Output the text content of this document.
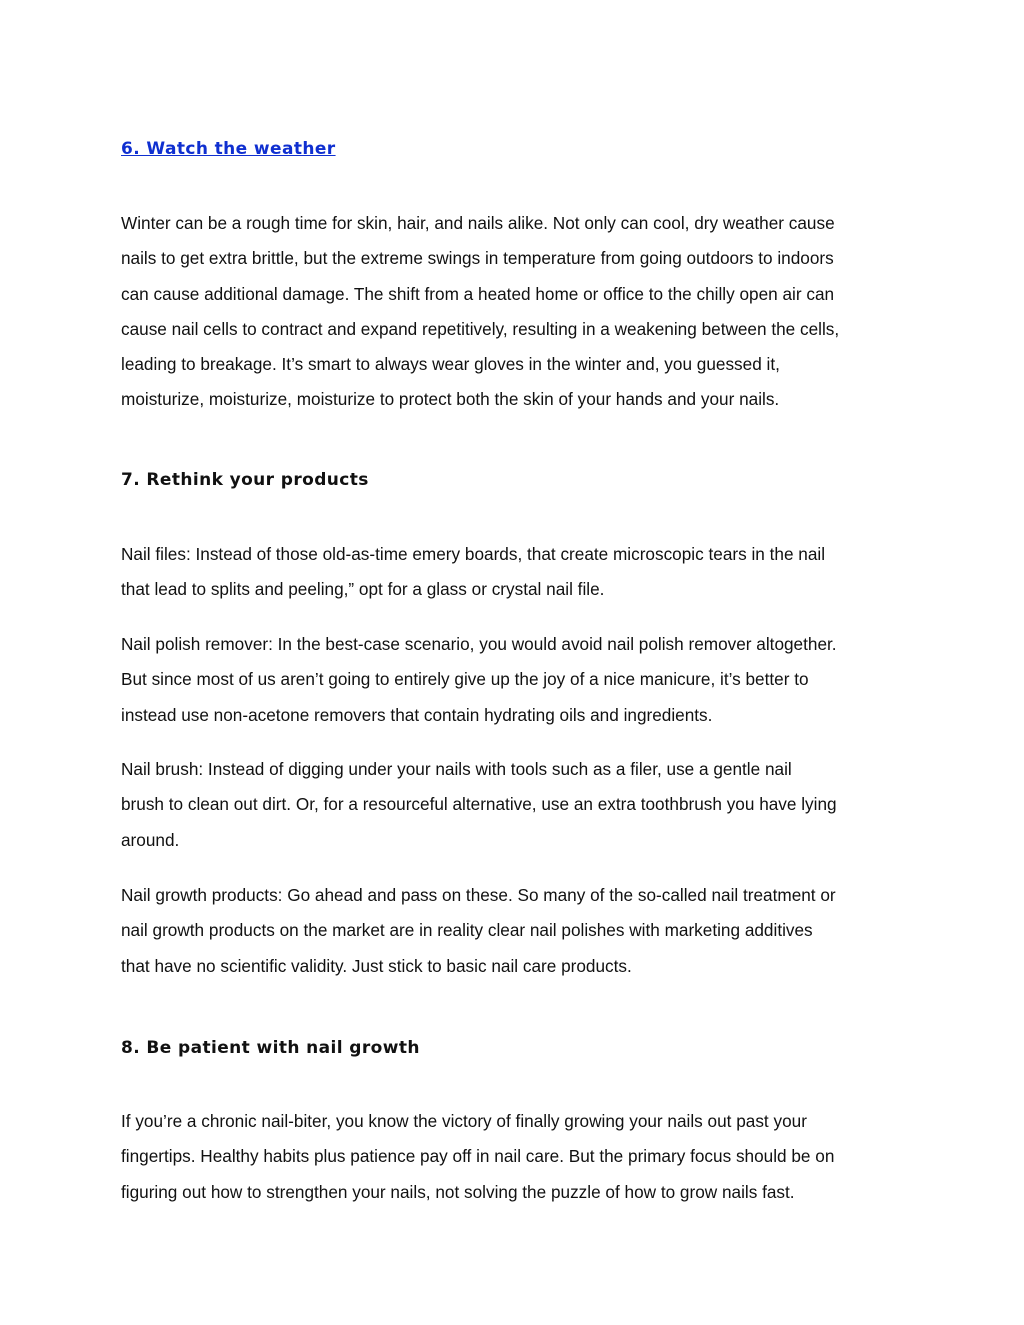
6. Watch the weather

Winter can be a rough time for skin, hair, and nails alike. Not only can cool, dry weather cause
nails to get extra brittle, but the extreme swings in temperature from going outdoors to indoors
can cause additional damage. The shift from a heated home or office to the chilly open air can
cause nail cells to contract and expand repetitively, resulting in a weakening between the cells,
leading to breakage. It’s smart to always wear gloves in the winter and, you guessed it,
moisturize, moisturize, moisturize to protect both the skin of your hands and your nails.

7. Rethink your products

Nail files: Instead of those old-as-time emery boards, that create microscopic tears in the nail
that lead to splits and peeling,” opt for a glass or crystal nail file.

Nail polish remover: In the best-case scenario, you would avoid nail polish remover altogether.
But since most of us aren’t going to entirely give up the joy of a nice manicure, it’s better to
instead use non-acetone removers that contain hydrating oils and ingredients.

Nail brush: Instead of digging under your nails with tools such as a filer, use a gentle nail
brush to clean out dirt. Or, for a resourceful alternative, use an extra toothbrush you have lying
around.

Nail growth products: Go ahead and pass on these. So many of the so-called nail treatment or
nail growth products on the market are in reality clear nail polishes with marketing additives
that have no scientific validity. Just stick to basic nail care products.

8. Be patient with nail growth

If you’re a chronic nail-biter, you know the victory of finally growing your nails out past your
fingertips. Healthy habits plus patience pay off in nail care. But the primary focus should be on
figuring out how to strengthen your nails, not solving the puzzle of how to grow nails fast.
